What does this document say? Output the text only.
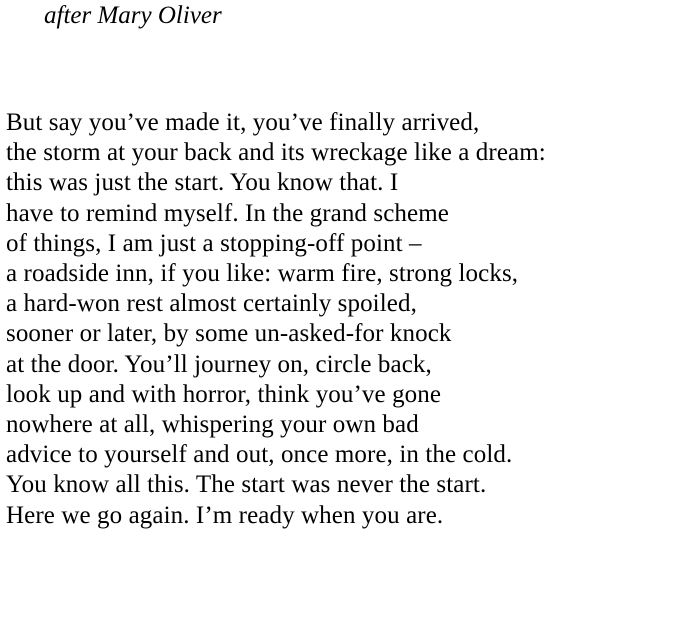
after Mary Oliver
But say you’ve made it, you’ve finally arrived,
the storm at your back and its wreckage like a dream:
this was just the start. You know that. I
have to remind myself. In the grand scheme
of things, I am just a stopping-off point –
a roadside inn, if you like: warm fire, strong locks,
a hard-won rest almost certainly spoiled,
sooner or later, by some un-asked-for knock
at the door. You’ll journey on, circle back,
look up and with horror, think you’ve gone
nowhere at all, whispering your own bad
advice to yourself and out, once more, in the cold.
You know all this. The start was never the start.
Here we go again. I’m ready when you are.
